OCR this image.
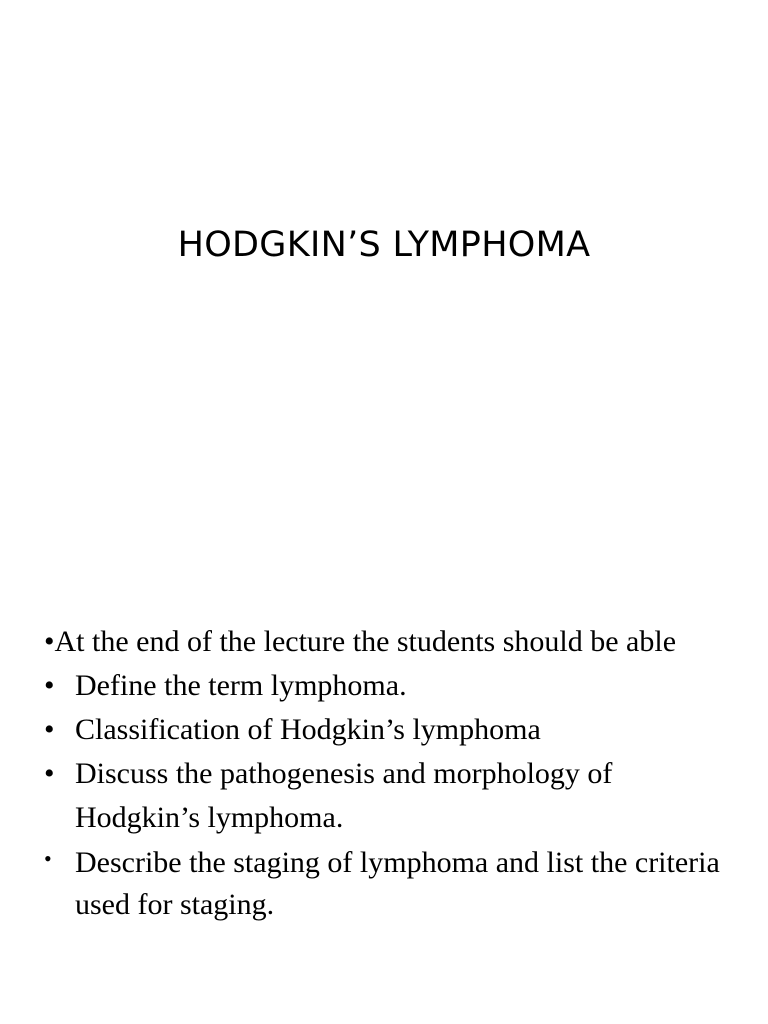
HODGKIN’S LYMPHOMA

•At the end of the lecture the students should be able

• Define the term lymphoma.
• Classification of Hodgkin’s lymphoma
• Discuss the pathogenesis and morphology of Hodgkin’s lymphoma.
• Describe the staging of lymphoma and list the criteria used for staging.
